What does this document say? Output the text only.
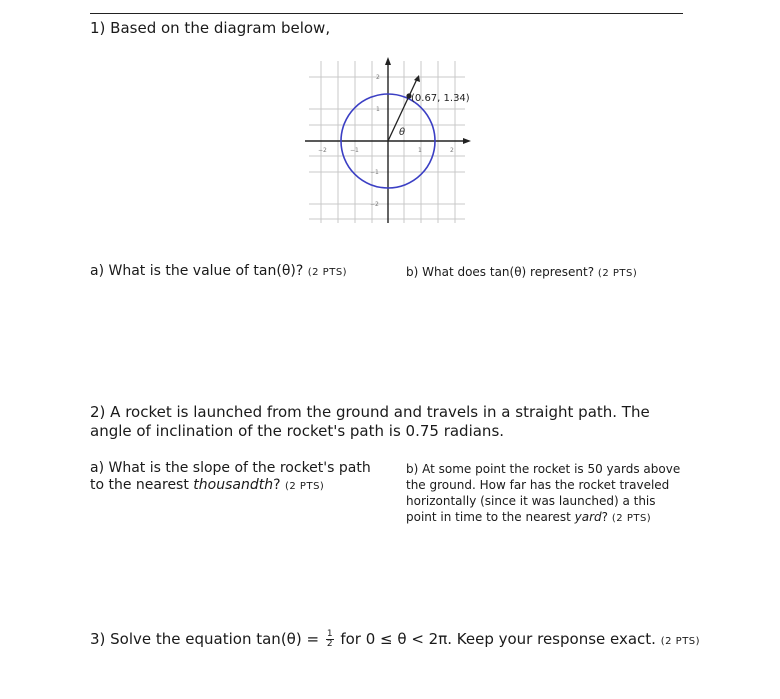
1) Based on the diagram below,
(0.67, 1.34)
θ
−2	−1	1	2
2
1
−1
−2
a) What is the value of tan(θ)? (2 PTS)	b) What does tan(θ) represent? (2 PTS)
2) A rocket is launched from the ground and travels in a straight path. The angle of inclination of the rocket's path is 0.75 radians.
a) What is the slope of the rocket's path
to the nearest thousandth? (2 PTS)
b) At some point the rocket is 50 yards above the ground. How far has the rocket traveled horizontally (since it was launched) a this point in time to the nearest yard? (2 PTS)
3) Solve the equation $\tan(\theta) = \frac{1}{2}$ for 0 ≤ θ < 2π. Keep your response exact. (2 PTS)
